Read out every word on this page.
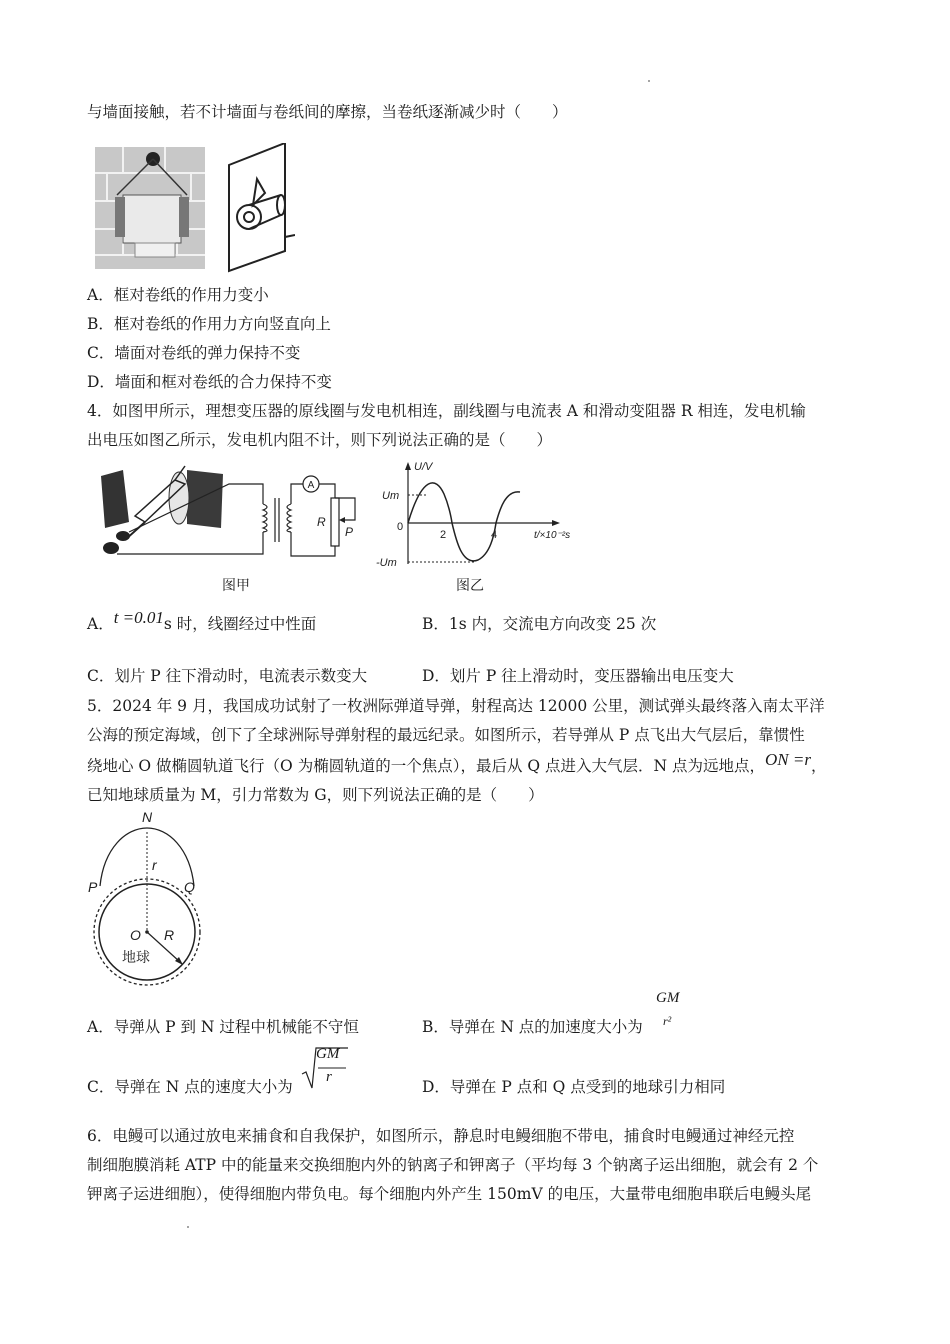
与墙面接触，若不计墙面与卷纸间的摩擦，当卷纸逐渐减少时（　　）
A．框对卷纸的作用力变小
B．框对卷纸的作用力方向竖直向上
C．墙面对卷纸的弹力保持不变
D．墙面和框对卷纸的合力保持不变
4．如图甲所示，理想变压器的原线圈与发电机相连，副线圈与电流表 A 和滑动变阻器 R 相连，发电机输
出电压如图乙所示，发电机内阻不计，则下列说法正确的是（　　）
A
R
P
图甲
U/V
Um
0
2	4	t/×10⁻²s
-Um
图乙
A．t =0.01s 时，线圈经过中性面	B．1s 内，交流电方向改变 25 次
C．划片 P 往下滑动时，电流表示数变大	D．划片 P 往上滑动时，变压器输出电压变大
5．2024 年 9 月，我国成功试射了一枚洲际弹道导弹，射程高达 12000 公里，测试弹头最终落入南太平洋
公海的预定海域，创下了全球洲际导弹射程的最远纪录。如图所示，若导弹从 P 点飞出大气层后，靠惯性
绕地心 O 做椭圆轨道飞行（O 为椭圆轨道的一个焦点），最后从 Q 点进入大气层．N 点为远地点，ON =r，
已知地球质量为 M，引力常数为 G，则下列说法正确的是（　　）
N
r
P	Q
O R
地球
A．导弹从 P 到 N 过程中机械能不守恒	B．导弹在 N 点的加速度大小为
GM
r²
C．导弹在 N 点的速度大小为
GM
r
D．导弹在 P 点和 Q 点受到的地球引力相同
6．电鳗可以通过放电来捕食和自我保护，如图所示，静息时电鳗细胞不带电，捕食时电鳗通过神经元控
制细胞膜消耗 ATP 中的能量来交换细胞内外的钠离子和钾离子（平均每 3 个钠离子运出细胞，就会有 2 个
钾离子运进细胞），使得细胞内带负电。每个细胞内外产生 150mV 的电压，大量带电细胞串联后电鳗头尾
